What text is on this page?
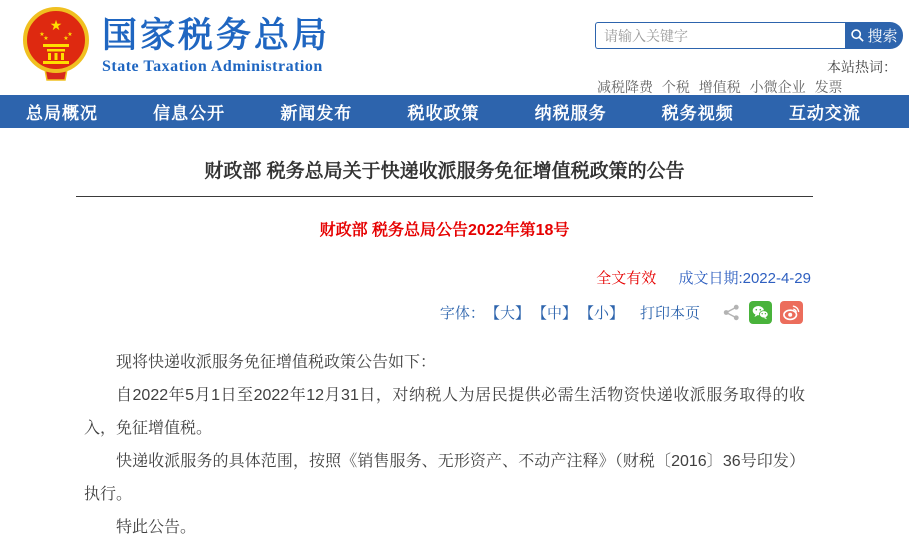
★
★	★
★ ★ 国家税务总局
State Taxation Administration
请输入关键字
搜索
本站热词：
减税降费 个税 增值税 小微企业 发票
总局概况	信息公开	新闻发布	税收政策	纳税服务	税务视频	互动交流
财政部 税务总局关于快递收派服务免征增值税政策的公告
财政部 税务总局公告2022年第18号
全文有效 成文日期:2022-4-29
字体： 【大】 【中】 【小】 打印本页

现将快递收派服务免征增值税政策公告如下：

自2022年5月1日至2022年12月31日，对纳税人为居民提供必需生活物资快递收派服务取得的收入，免征增值税。

快递收派服务的具体范围，按照《销售服务、无形资产、不动产注释》（财税〔2016〕36号印发）执行。

特此公告。
